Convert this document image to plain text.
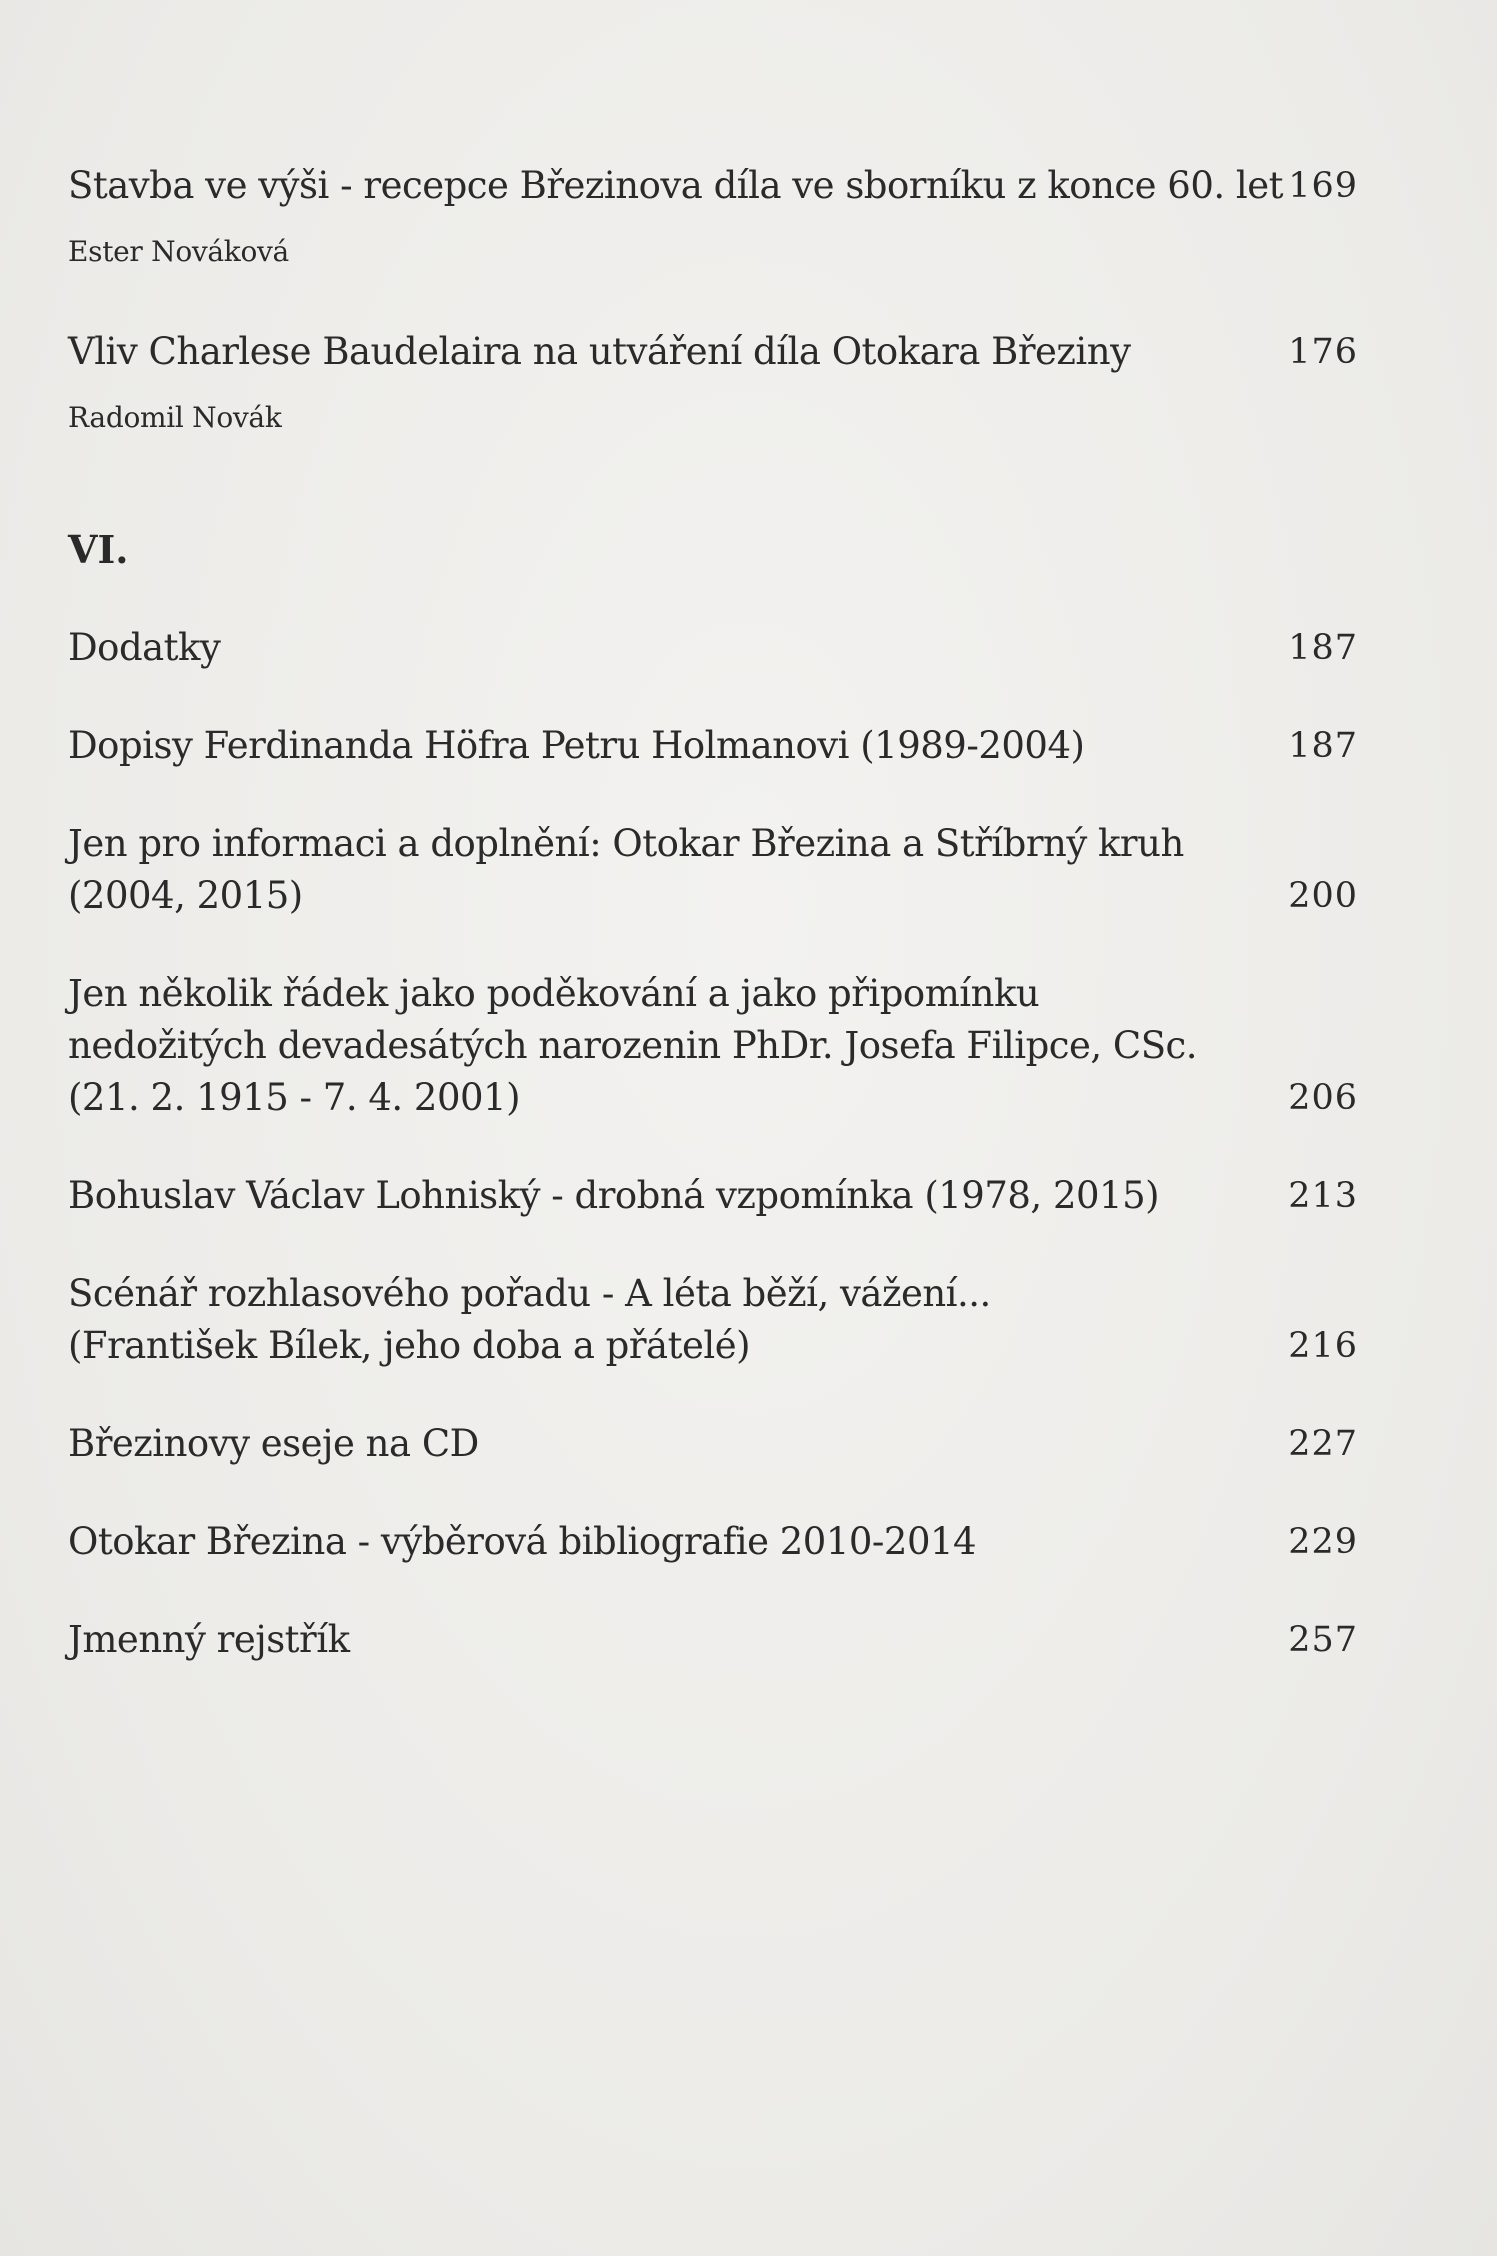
Stavba ve výši - recepce Březinova díla ve sborníku z konce 60. let 169
Ester Nováková
Vliv Charlese Baudelaira na utváření díla Otokara Březiny	176
Radomil Novák
VI.
Dodatky	187
Dopisy Ferdinanda Höfra Petru Holmanovi (1989-2004)	187
Jen pro informaci a doplnění: Otokar Březina a Stříbrný kruh
(2004, 2015)	200
Jen několik řádek jako poděkování a jako připomínku
nedožitých devadesátých narozenin PhDr. Josefa Filipce, CSc.
(21. 2. 1915 - 7. 4. 2001)	206
Bohuslav Václav Lohniský - drobná vzpomínka (1978, 2015)	213
Scénář rozhlasového pořadu - A léta běží, vážení...
(František Bílek, jeho doba a přátelé)	216
Březinovy eseje na CD	227
Otokar Březina - výběrová bibliografie 2010-2014	229
Jmenný rejstřík	257
